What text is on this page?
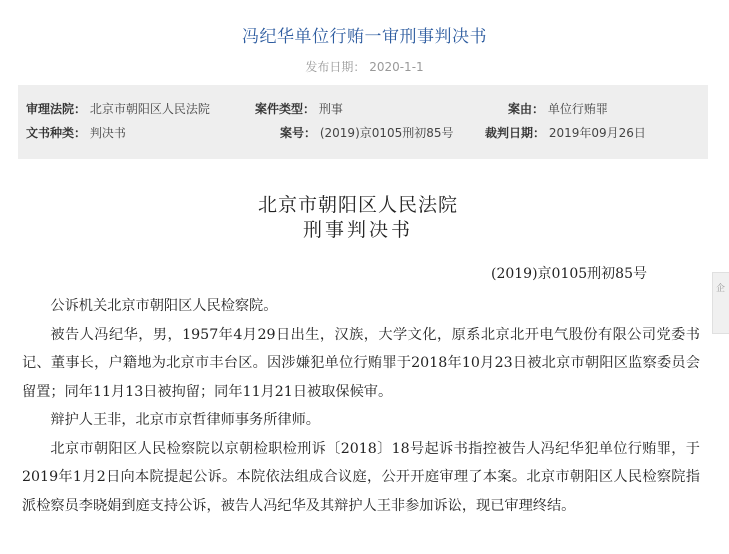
冯纪华单位行贿一审刑事判决书
发布日期： 2020-1-1
审理法院： 北京市朝阳区人民法院	案件类型： 刑事	案由： 单位行贿罪
文书种类： 判决书	案号： (2019)京0105刑初85号	裁判日期： 2019年09月26日
北京市朝阳区人民法院
刑事判决书
(2019)京0105刑初85号

公诉机关北京市朝阳区人民检察院。

被告人冯纪华，男，1957年4月29日出生，汉族，大学文化，原系北京北开电气股份有限公司党委书记、董事长，户籍地为北京市丰台区。因涉嫌犯单位行贿罪于2018年10月23日被北京市朝阳区监察委员会留置；同年11月13日被拘留；同年11月21日被取保候审。

辩护人王非，北京市京哲律师事务所律师。

北京市朝阳区人民检察院以京朝检职检刑诉〔2018〕18号起诉书指控被告人冯纪华犯单位行贿罪，于2019年1月2日向本院提起公诉。本院依法组成合议庭，公开开庭审理了本案。北京市朝阳区人民检察院指派检察员李晓娟到庭支持公诉，被告人冯纪华及其辩护人王非参加诉讼，现已审理终结。

企
